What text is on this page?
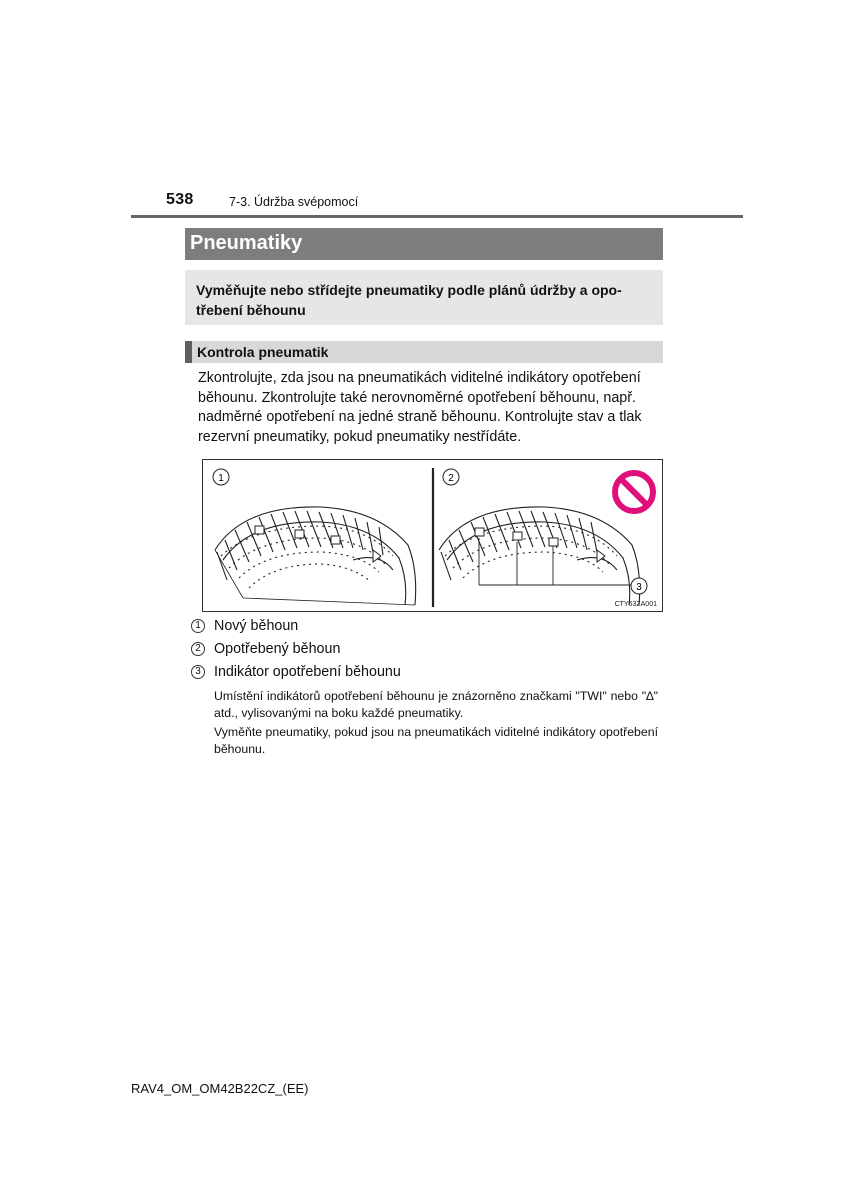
538	7-3. Údržba svépomocí
Pneumatiky
Vyměňujte nebo střídejte pneumatiky podle plánů údržby a opo-třebení běhounu
Kontrola pneumatik
Zkontrolujte, zda jsou na pneumatikách viditelné indikátory opotřebení běhounu. Zkontrolujte také nerovnoměrné opotřebení běhounu, např. nadměrné opotřebení na jedné straně běhounu. Kontrolujte stav a tlak rezervní pneumatiky, pokud pneumatiky nestřídáte.
1	2
3
CTY63ZA001
1 Nový běhoun
2 Opotřebený běhoun
3 Indikátor opotřebení běhounu
Umístění indikátorů opotřebení běhounu je znázorněno značkami "TWI" nebo "∆" atd., vylisovanými na boku každé pneumatiky.
Vyměňte pneumatiky, pokud jsou na pneumatikách viditelné indikátory opotřebení běhounu.
RAV4_OM_OM42B22CZ_(EE)
